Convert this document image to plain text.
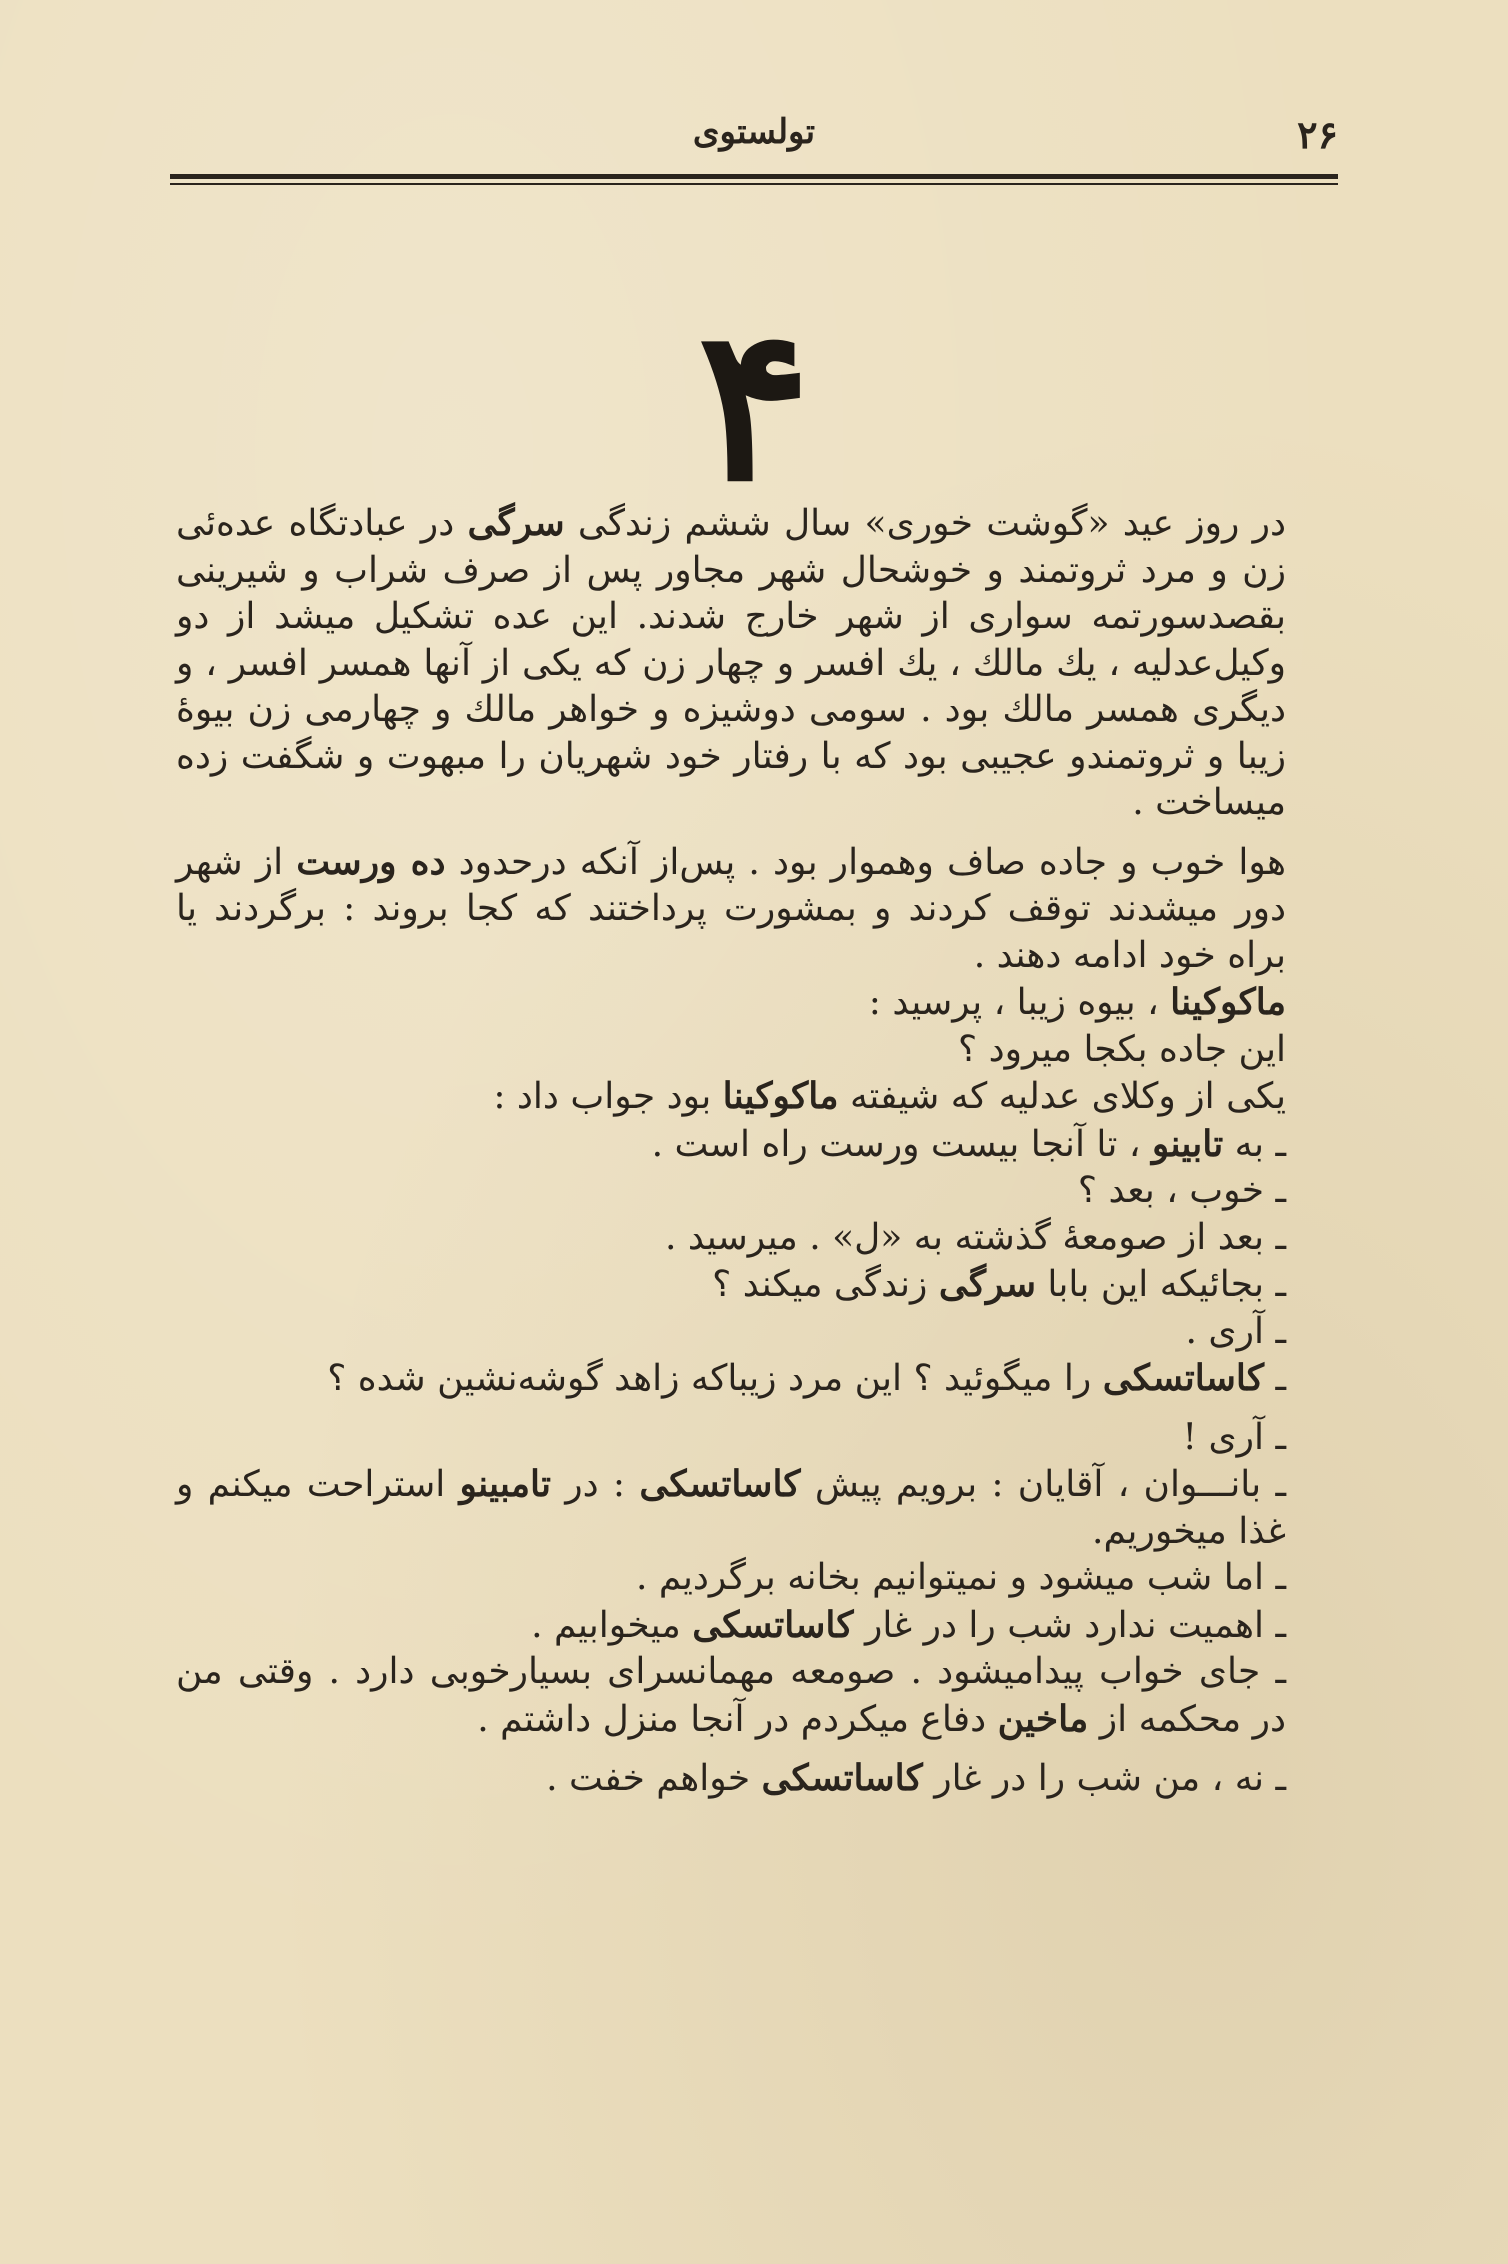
۲۶
تولستوی
۴

در روز عید «گوشت خوری» سال ششم زندگی سرگی در عبادتگاه عده‌ئی زن و مرد ثروتمند و خوشحال شهر مجاور پس از صرف شراب و شیرینی بقصدسورتمه سواری از شهر خارج شدند. این عده تشکیل میشد از دو وکیل‌عدلیه ، یك مالك ، یك افسر و چهار زن که یکی از آنها همسر افسر ، و دیگری همسر مالك بود . سومی دوشیزه و خواهر مالك و چهارمی زن بیوهٔ زیبا و ثروتمندو عجیبی بود که با رفتار خود شهریان را مبهوت و شگفت زده میساخت .

هوا خوب و جاده صاف وهموار بود . پس‌از آنکه درحدود ده ورست از شهر دور میشدند توقف کردند و بمشورت پرداختند که کجا بروند : برگردند یا براه خود ادامه دهند .

ماکوکینا ، بیوه زیبا ، پرسید :

این جاده بکجا میرود ؟

یکی از وکلای عدلیه که شیفته ماکوکینا بود جواب داد :

ـ به تابینو ، تا آنجا بیست ورست راه است .

ـ خوب ، بعد ؟

ـ بعد از صومعهٔ گذشته به «ل» . میرسید .

ـ بجائیکه این بابا سرگی زندگی میکند ؟

ـ آری .

ـ کاساتسکی را میگوئید ؟ این مرد زیباکه زاهد گوشه‌نشین شده ؟

ـ آری !

ـ بانـــوان ، آقایان : برویم پیش کاساتسکی : در تامبینو استراحت میکنم و غذا میخوریم.

ـ اما شب میشود و نمیتوانیم بخانه برگردیم .

ـ اهمیت ندارد شب را در غار کاساتسکی میخوابیم .

ـ جای خواب پیدامیشود . صومعه مهمانسرای بسیارخوبی دارد . وقتی من در محکمه از ماخین دفاع میکردم در آنجا منزل داشتم .

ـ نه ، من شب را در غار کاساتسکی خواهم خفت .
